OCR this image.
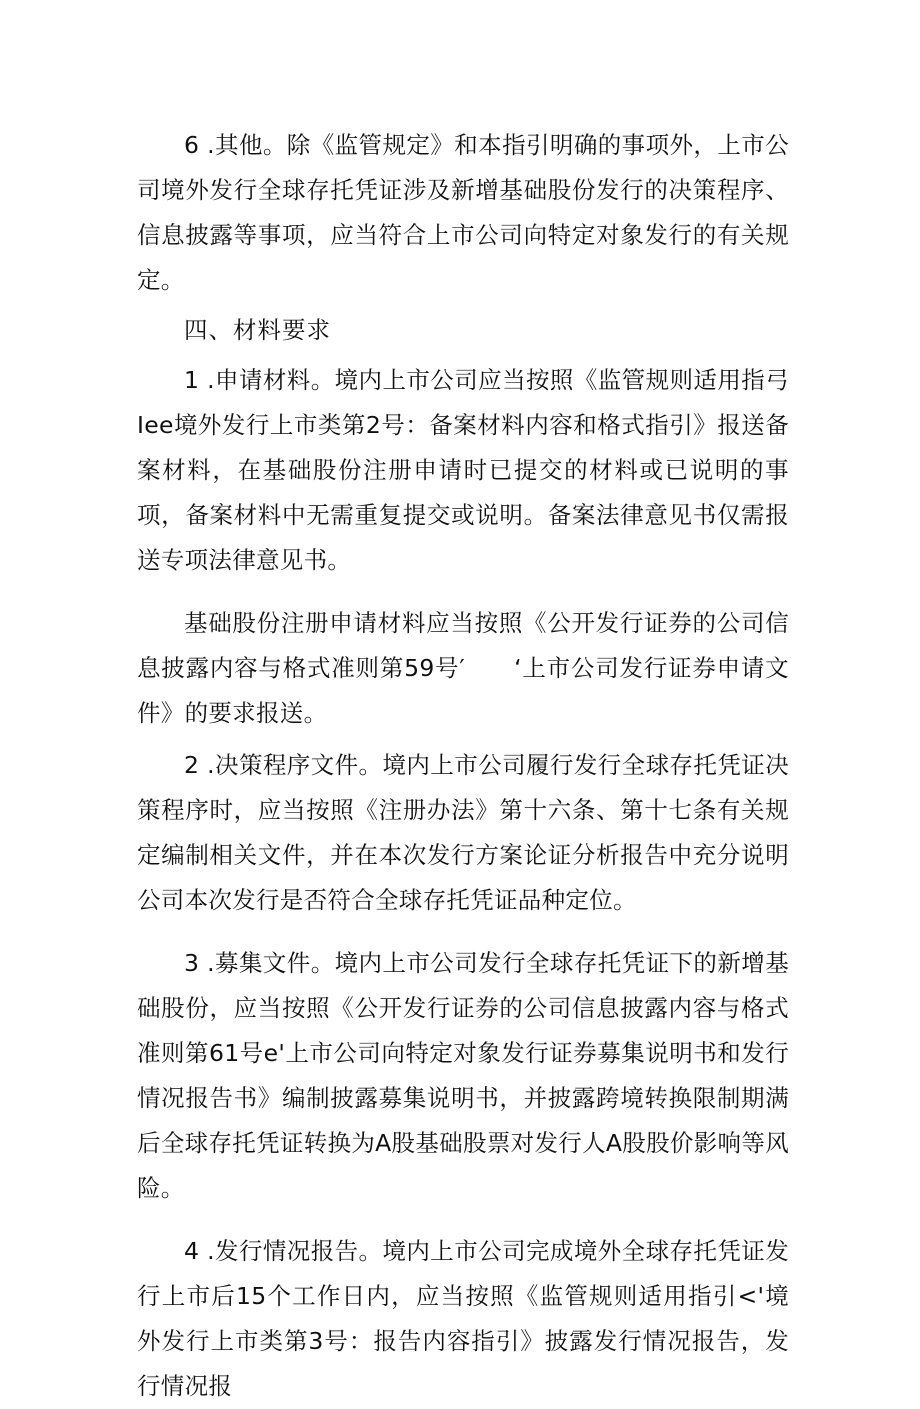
6 .其他。除《监管规定》和本指引明确的事项外，上市公司境外发行全球存托凭证涉及新增基础股份发行的决策程序、信息披露等事项，应当符合上市公司向特定对象发行的有关规定。

四、材料要求

1 .申请材料。境内上市公司应当按照《监管规则适用指弓Iee境外发行上市类第2号：备案材料内容和格式指引》报送备案材料，在基础股份注册申请时已提交的材料或已说明的事项，备案材料中无需重复提交或说明。备案法律意见书仅需报送专项法律意见书。

基础股份注册申请材料应当按照《公开发行证券的公司信息披露内容与格式准则第59号′　　‘上市公司发行证券申请文件》的要求报送。

2 .决策程序文件。境内上市公司履行发行全球存托凭证决策程序时，应当按照《注册办法》第十六条、第十七条有关规定编制相关文件，并在本次发行方案论证分析报告中充分说明公司本次发行是否符合全球存托凭证品种定位。

3 .募集文件。境内上市公司发行全球存托凭证下的新增基础股份，应当按照《公开发行证券的公司信息披露内容与格式准则第61号e'上市公司向特定对象发行证券募集说明书和发行情况报告书》编制披露募集说明书，并披露跨境转换限制期满后全球存托凭证转换为A股基础股票对发行人A股股价影响等风险。

4 .发行情况报告。境内上市公司完成境外全球存托凭证发行上市后15个工作日内，应当按照《监管规则适用指引<'境外发行上市类第3号：报告内容指引》披露发行情况报告，发行情况报
